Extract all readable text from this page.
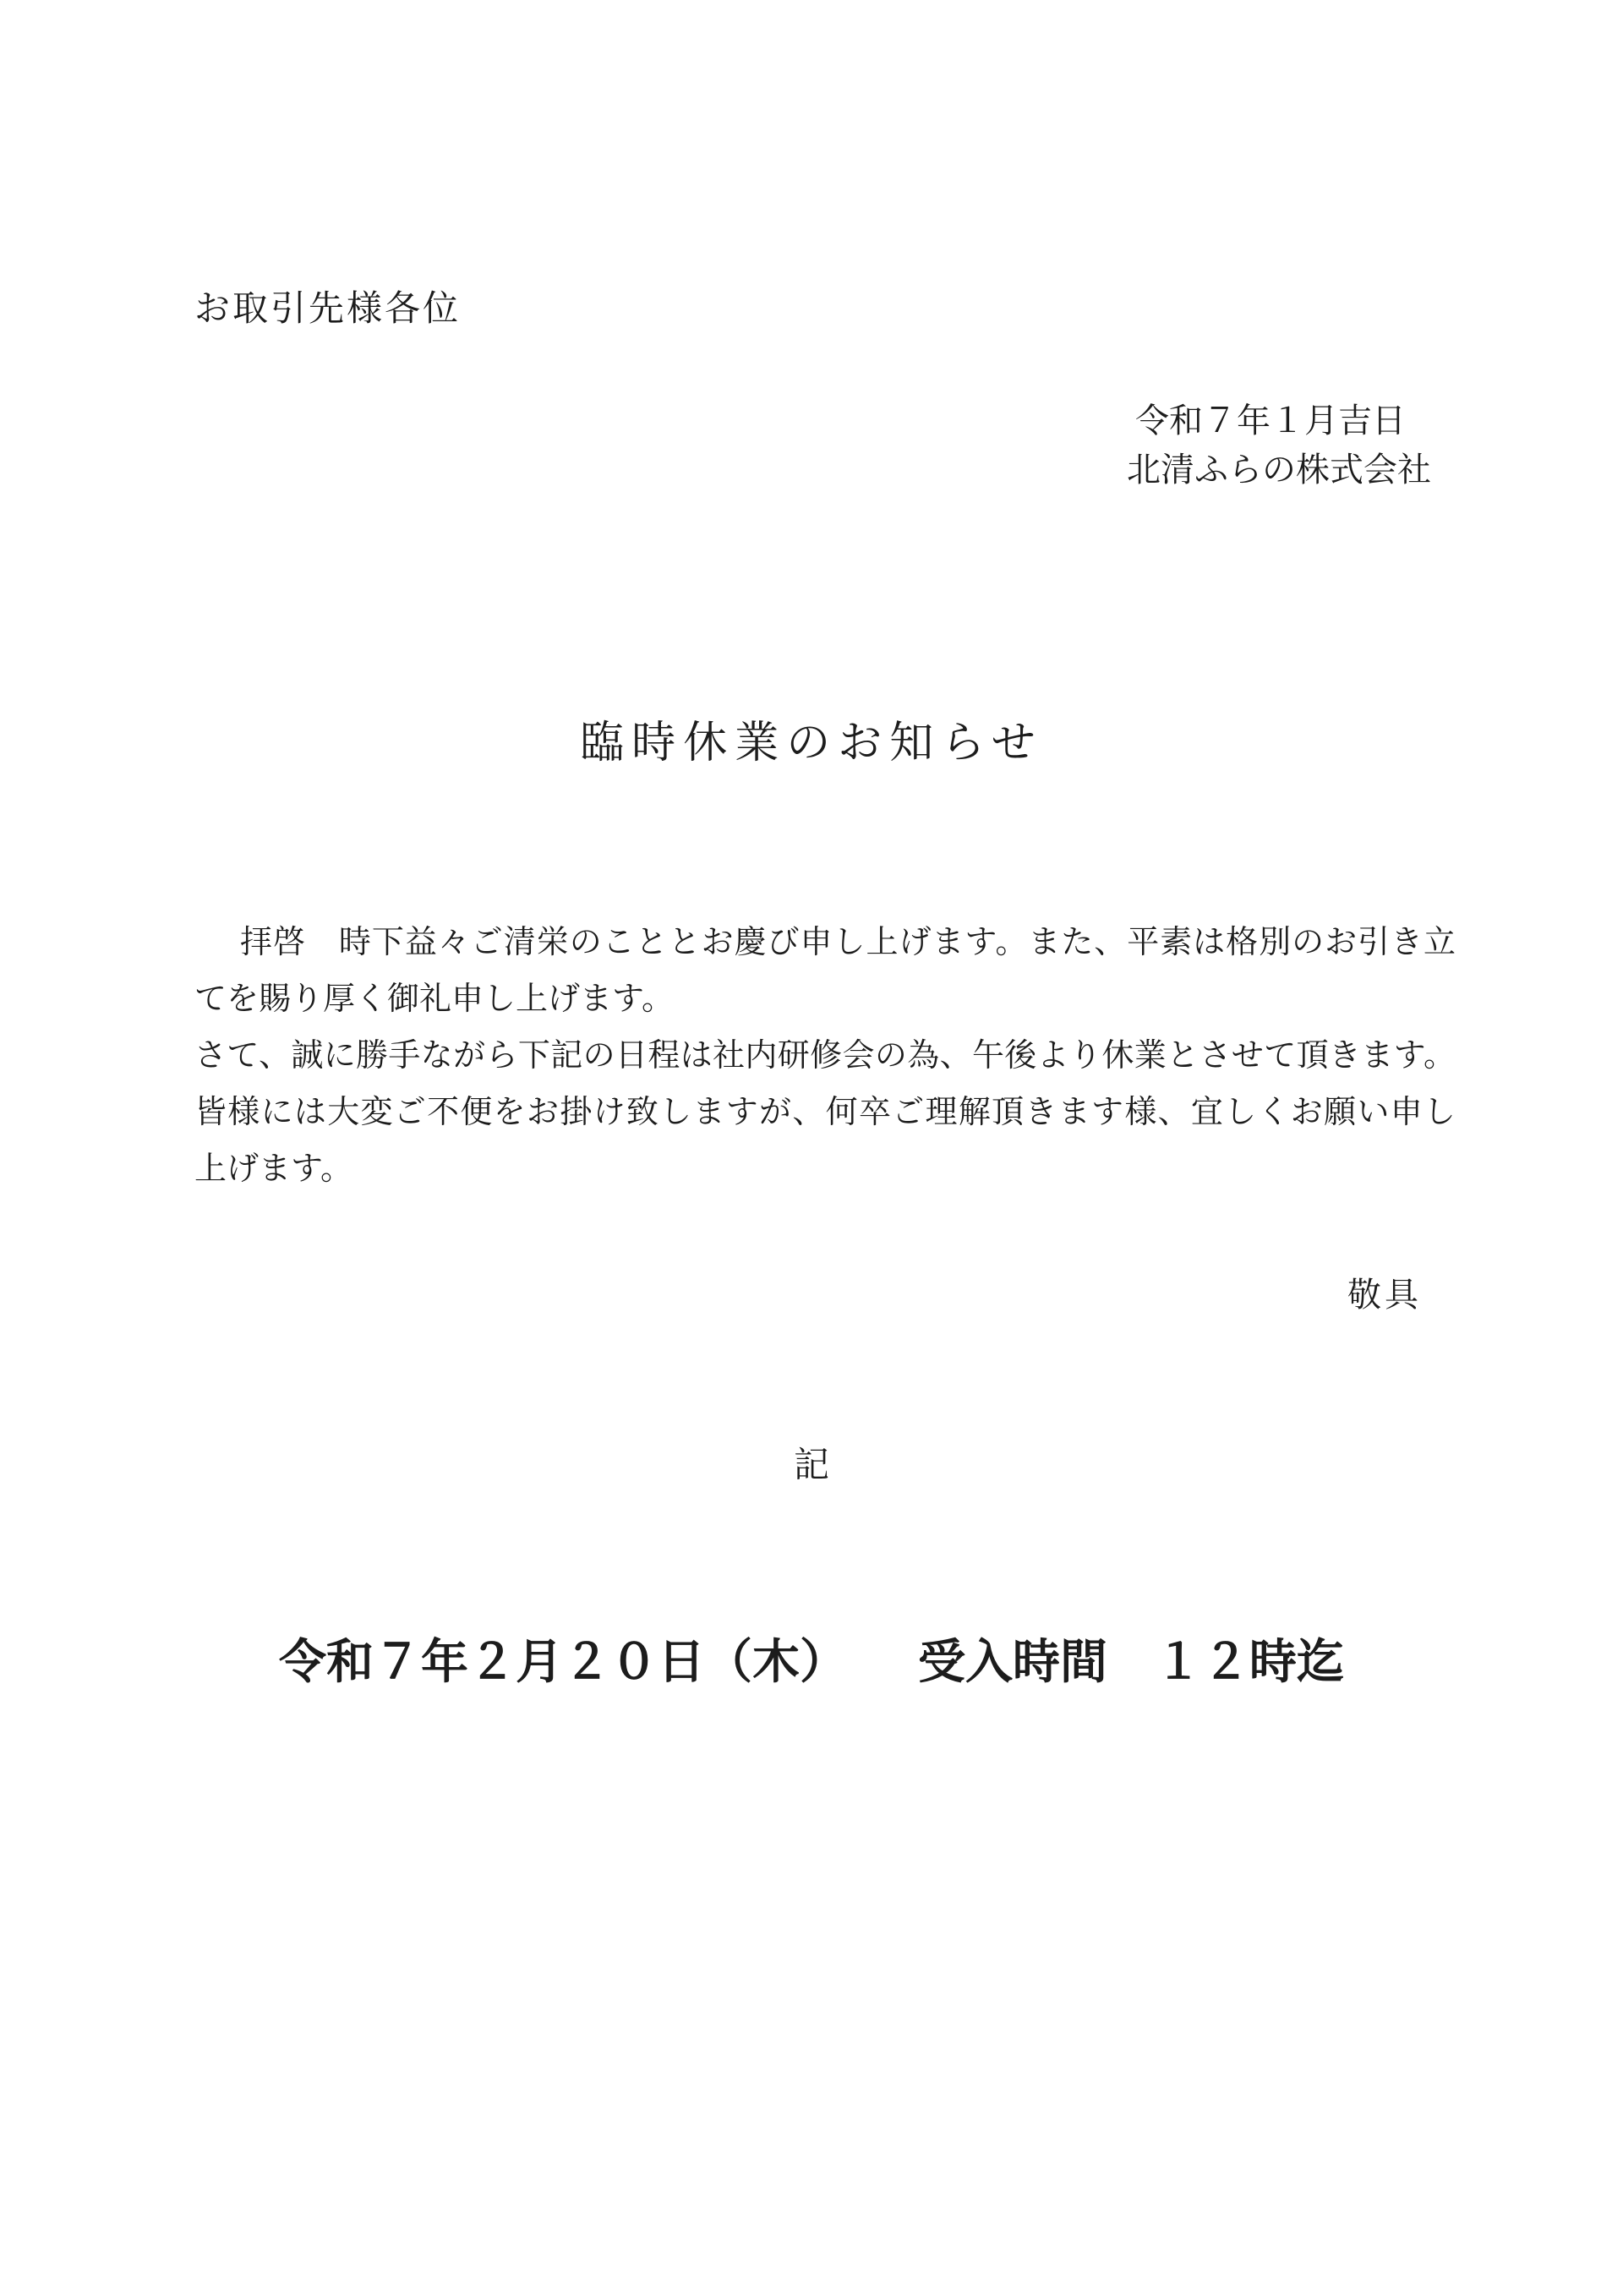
お取引先様各位
令和７年１月吉日
北清ふらの株式会社
臨時休業のお知らせ
拝啓　時下益々ご清栄のこととお慶び申し上げます。また、平素は格別のお引き立
てを賜り厚く御礼申し上げます。
さて、誠に勝手ながら下記の日程は社内研修会の為、午後より休業とさせて頂きます。
皆様には大変ご不便をお掛け致しますが、何卒ご理解頂きます様、宜しくお願い申し
上げます。
敬具
記
令和７年２月２０日（木）　　受入時間　１２時迄
